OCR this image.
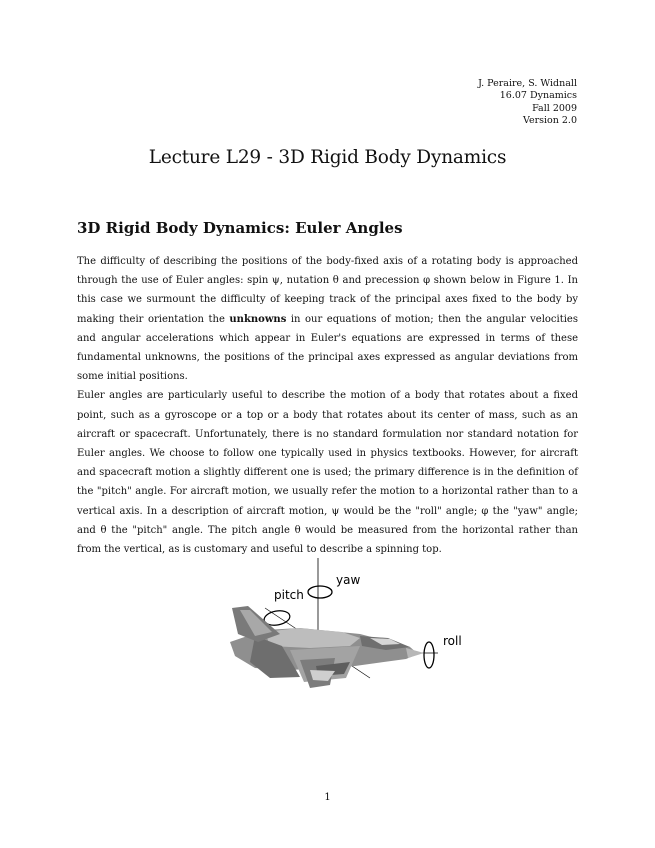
J. Peraire, S. Widnall
16.07 Dynamics
Fall 2009
Version 2.0
Lecture L29 - 3D Rigid Body Dynamics
3D Rigid Body Dynamics: Euler Angles

The difficulty of describing the positions of the body-fixed axis of a rotating body is approached through the use of Euler angles: spin ψ, nutation θ and precession φ shown below in Figure 1. In this case we surmount the difficulty of keeping track of the principal axes fixed to the body by making their orientation the unknowns in our equations of motion; then the angular velocities and angular accelerations which appear in Euler's equations are expressed in terms of these fundamental unknowns, the positions of the principal axes expressed as angular deviations from some initial positions.

Euler angles are particularly useful to describe the motion of a body that rotates about a fixed point, such as a gyroscope or a top or a body that rotates about its center of mass, such as an aircraft or spacecraft. Unfortunately, there is no standard formulation nor standard notation for Euler angles. We choose to follow one typically used in physics textbooks. However, for aircraft and spacecraft motion a slightly different one is used; the primary difference is in the definition of the "pitch" angle. For aircraft motion, we usually refer the motion to a horizontal rather than to a vertical axis. In a description of aircraft motion, ψ would be the "roll" angle; φ the "yaw" angle; and θ the "pitch" angle. The pitch angle θ would be measured from the horizontal rather than from the vertical, as is customary and useful to describe a spinning top.

yaw
pitch
roll
1
